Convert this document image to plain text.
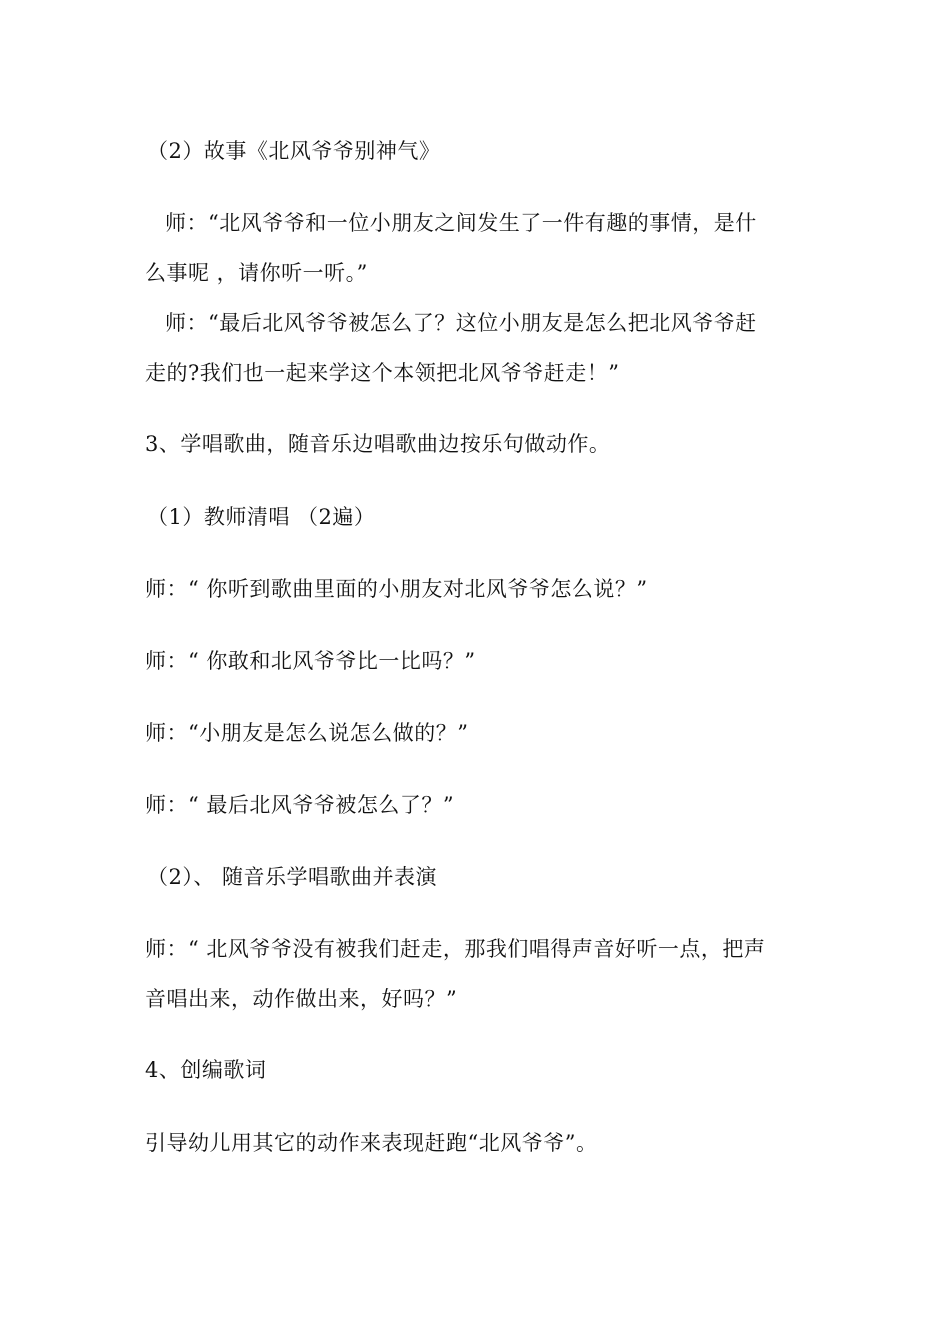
（2）故事《北风爷爷别神气》
师：“北风爷爷和一位小朋友之间发生了一件有趣的事情，是什
么事呢 ，请你听一听。”
师：“最后北风爷爷被怎么了？这位小朋友是怎么把北风爷爷赶
走的?我们也一起来学这个本领把北风爷爷赶走！”
3、学唱歌曲，随音乐边唱歌曲边按乐句做动作。
（1）教师清唱 （2遍）
师：“ 你听到歌曲里面的小朋友对北风爷爷怎么说？”
师：“ 你敢和北风爷爷比一比吗？”
师：“小朋友是怎么说怎么做的？”
师：“ 最后北风爷爷被怎么了？”
（2）、 随音乐学唱歌曲并表演
师：“ 北风爷爷没有被我们赶走，那我们唱得声音好听一点，把声
音唱出来，动作做出来，好吗？”
4、创编歌词
引导幼儿用其它的动作来表现赶跑“北风爷爷”。
